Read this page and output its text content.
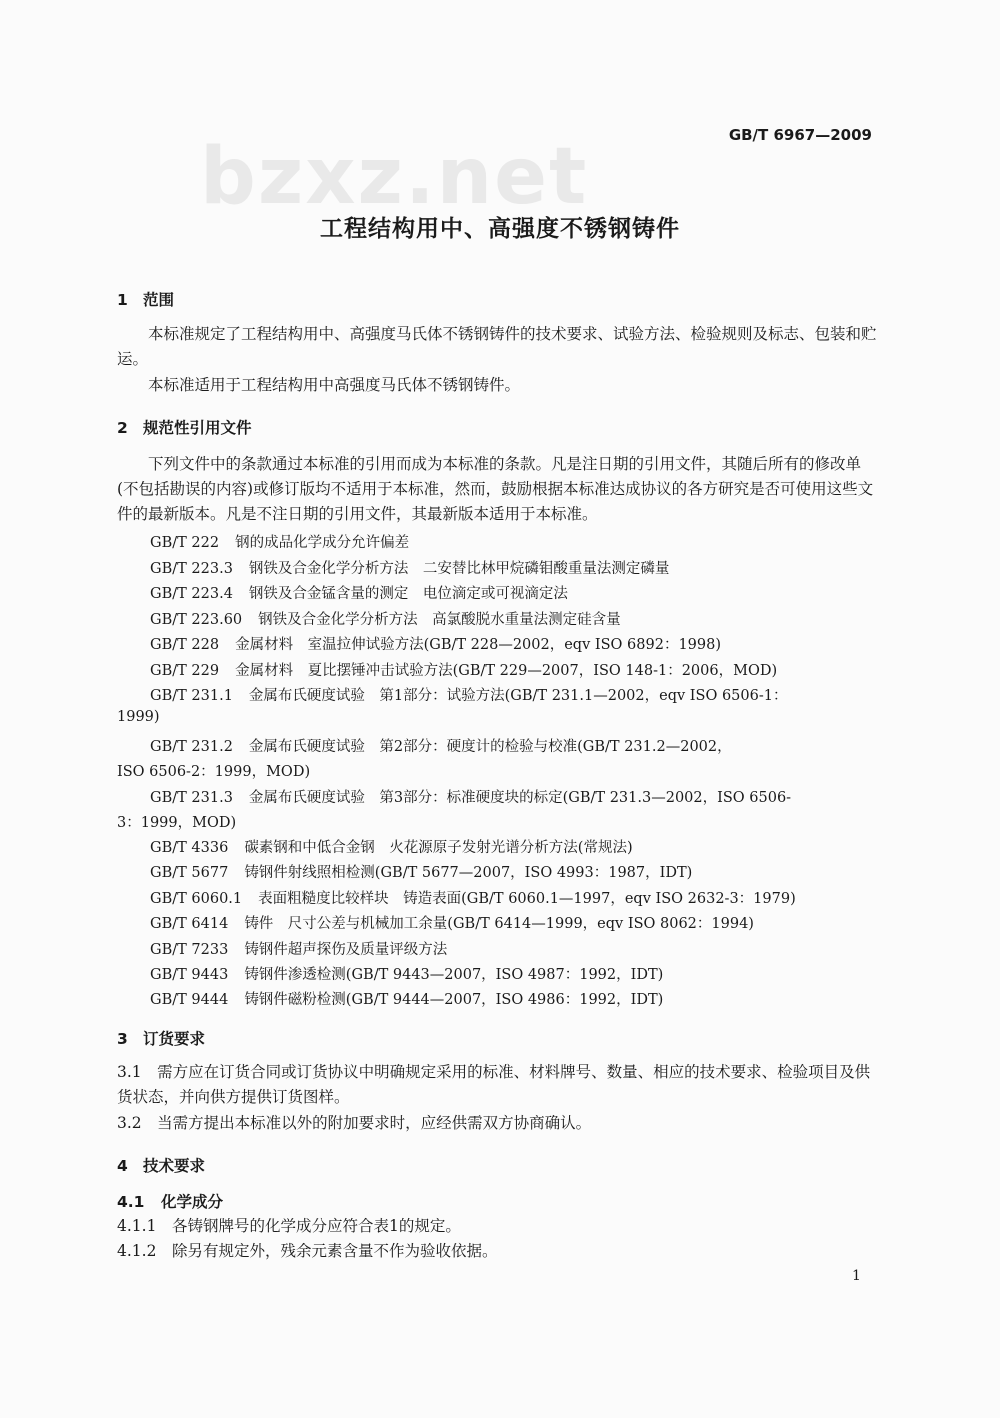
bzxz.net	GB/T 6967—2009
工程结构用中、高强度不锈钢铸件
1 范围
本标准规定了工程结构用中、高强度马氏体不锈钢铸件的技术要求、试验方法、检验规则及标志、包装和贮运。
本标准适用于工程结构用中高强度马氏体不锈钢铸件。
2 规范性引用文件
下列文件中的条款通过本标准的引用而成为本标准的条款。凡是注日期的引用文件，其随后所有的修改单(不包括勘误的内容)或修订版均不适用于本标准，然而，鼓励根据本标准达成协议的各方研究是否可使用这些文件的最新版本。凡是不注日期的引用文件，其最新版本适用于本标准。
GB/T 222 钢的成品化学成分允许偏差
GB/T 223.3 钢铁及合金化学分析方法　二安替比林甲烷磷钼酸重量法测定磷量
GB/T 223.4 钢铁及合金锰含量的测定　电位滴定或可视滴定法
GB/T 223.60 钢铁及合金化学分析方法　高氯酸脱水重量法测定硅含量
GB/T 228 金属材料　室温拉伸试验方法(GB/T 228—2002，eqv ISO 6892：1998)
GB/T 229 金属材料　夏比摆锤冲击试验方法(GB/T 229—2007，ISO 148-1：2006，MOD)
GB/T 231.1 金属布氏硬度试验　第1部分：试验方法(GB/T 231.1—2002，eqv ISO 6506-1：
1999)
GB/T 231.2 金属布氏硬度试验　第2部分：硬度计的检验与校准(GB/T 231.2—2002，
ISO 6506-2：1999，MOD)
GB/T 231.3 金属布氏硬度试验　第3部分：标准硬度块的标定(GB/T 231.3—2002，ISO 6506-
3：1999，MOD)
GB/T 4336 碳素钢和中低合金钢　火花源原子发射光谱分析方法(常规法)
GB/T 5677 铸钢件射线照相检测(GB/T 5677—2007，ISO 4993：1987，IDT)
GB/T 6060.1 表面粗糙度比较样块　铸造表面(GB/T 6060.1—1997，eqv ISO 2632-3：1979)
GB/T 6414 铸件　尺寸公差与机械加工余量(GB/T 6414—1999，eqv ISO 8062：1994)
GB/T 7233 铸钢件超声探伤及质量评级方法
GB/T 9443 铸钢件渗透检测(GB/T 9443—2007，ISO 4987：1992，IDT)
GB/T 9444 铸钢件磁粉检测(GB/T 9444—2007，ISO 4986：1992，IDT)
3 订货要求
3.1　 需方应在订货合同或订货协议中明确规定采用的标准、材料牌号、数量、相应的技术要求、检验项目及供货状态，并向供方提供订货图样。
3.2　 当需方提出本标准以外的附加要求时，应经供需双方协商确认。
4 技术要求
4.1 化学成分
4.1.1　 各铸钢牌号的化学成分应符合表1的规定。
4.1.2　 除另有规定外，残余元素含量不作为验收依据。
1
